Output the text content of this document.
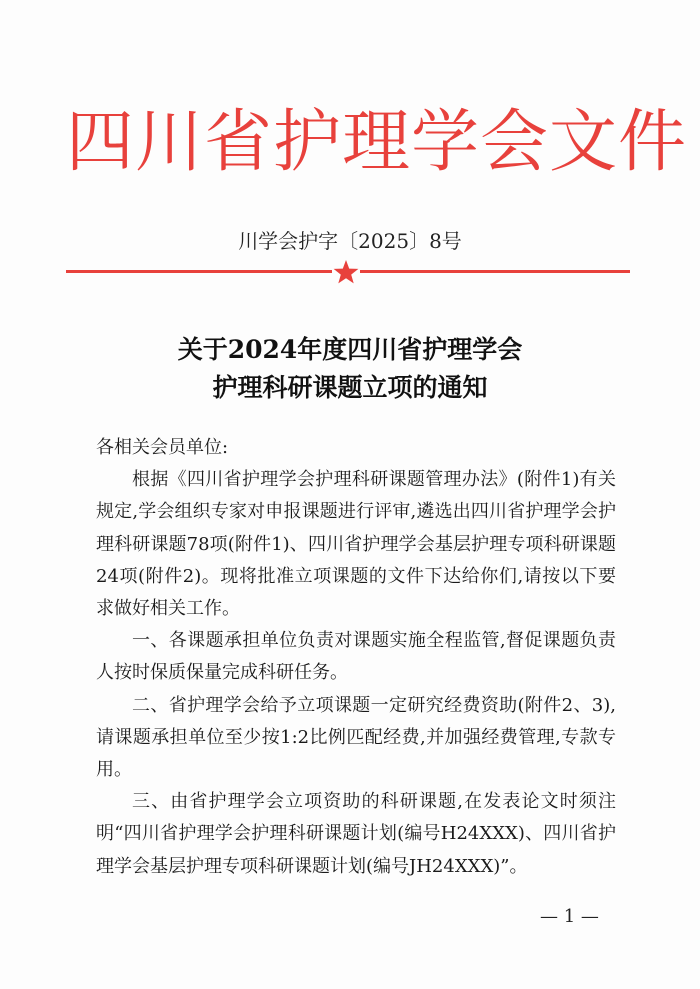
四川省护理学会文件
川学会护字〔2025〕8号
关于2024年度四川省护理学会
护理科研课题立项的通知

各相关会员单位:

根据《四川省护理学会护理科研课题管理办法》(附件1)有关规定,学会组织专家对申报课题进行评审,遴选出四川省护理学会护理科研课题78项(附件1)、四川省护理学会基层护理专项科研课题24项(附件2)。现将批准立项课题的文件下达给你们,请按以下要求做好相关工作。

一、各课题承担单位负责对课题实施全程监管,督促课题负责人按时保质保量完成科研任务。

二、省护理学会给予立项课题一定研究经费资助(附件2、3),请课题承担单位至少按1:2比例匹配经费,并加强经费管理,专款专用。

三、由省护理学会立项资助的科研课题,在发表论文时须注明“四川省护理学会护理科研课题计划(编号H24XXX)、四川省护理学会基层护理专项科研课题计划(编号JH24XXX)”。

— 1 —
